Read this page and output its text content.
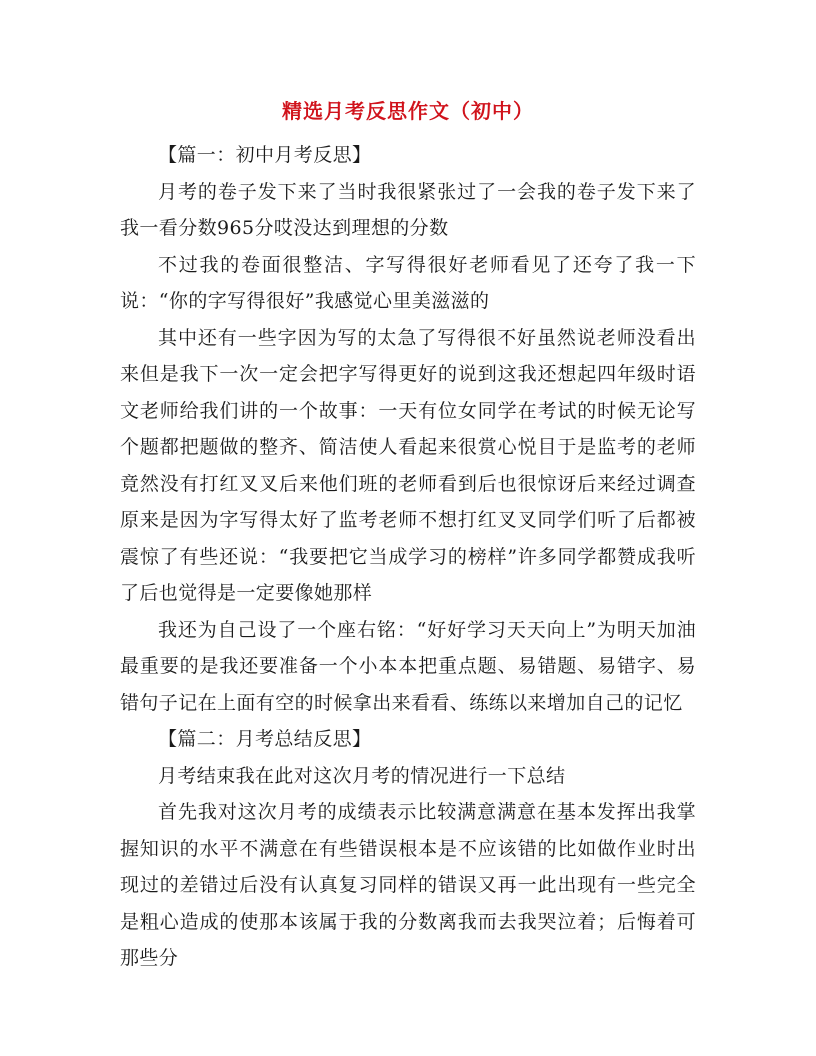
精选月考反思作文（初中）

【篇一：初中月考反思】

月考的卷子发下来了当时我很紧张过了一会我的卷子发下来了我一看分数965分哎没达到理想的分数

不过我的卷面很整洁、字写得很好老师看见了还夸了我一下说：“你的字写得很好”我感觉心里美滋滋的

其中还有一些字因为写的太急了写得很不好虽然说老师没看出来但是我下一次一定会把字写得更好的说到这我还想起四年级时语文老师给我们讲的一个故事：一天有位女同学在考试的时候无论写个题都把题做的整齐、简洁使人看起来很赏心悦目于是监考的老师竟然没有打红叉叉后来他们班的老师看到后也很惊讶后来经过调查原来是因为字写得太好了监考老师不想打红叉叉同学们听了后都被震惊了有些还说：“我要把它当成学习的榜样”许多同学都赞成我听了后也觉得是一定要像她那样

我还为自己设了一个座右铭：“好好学习天天向上”为明天加油最重要的是我还要准备一个小本本把重点题、易错题、易错字、易错句子记在上面有空的时候拿出来看看、练练以来增加自己的记忆

【篇二：月考总结反思】

月考结束我在此对这次月考的情况进行一下总结

首先我对这次月考的成绩表示比较满意满意在基本发挥出我掌握知识的水平不满意在有些错误根本是不应该错的比如做作业时出现过的差错过后没有认真复习同样的错误又再一此出现有一些完全是粗心造成的使那本该属于我的分数离我而去我哭泣着；后悔着可那些分
